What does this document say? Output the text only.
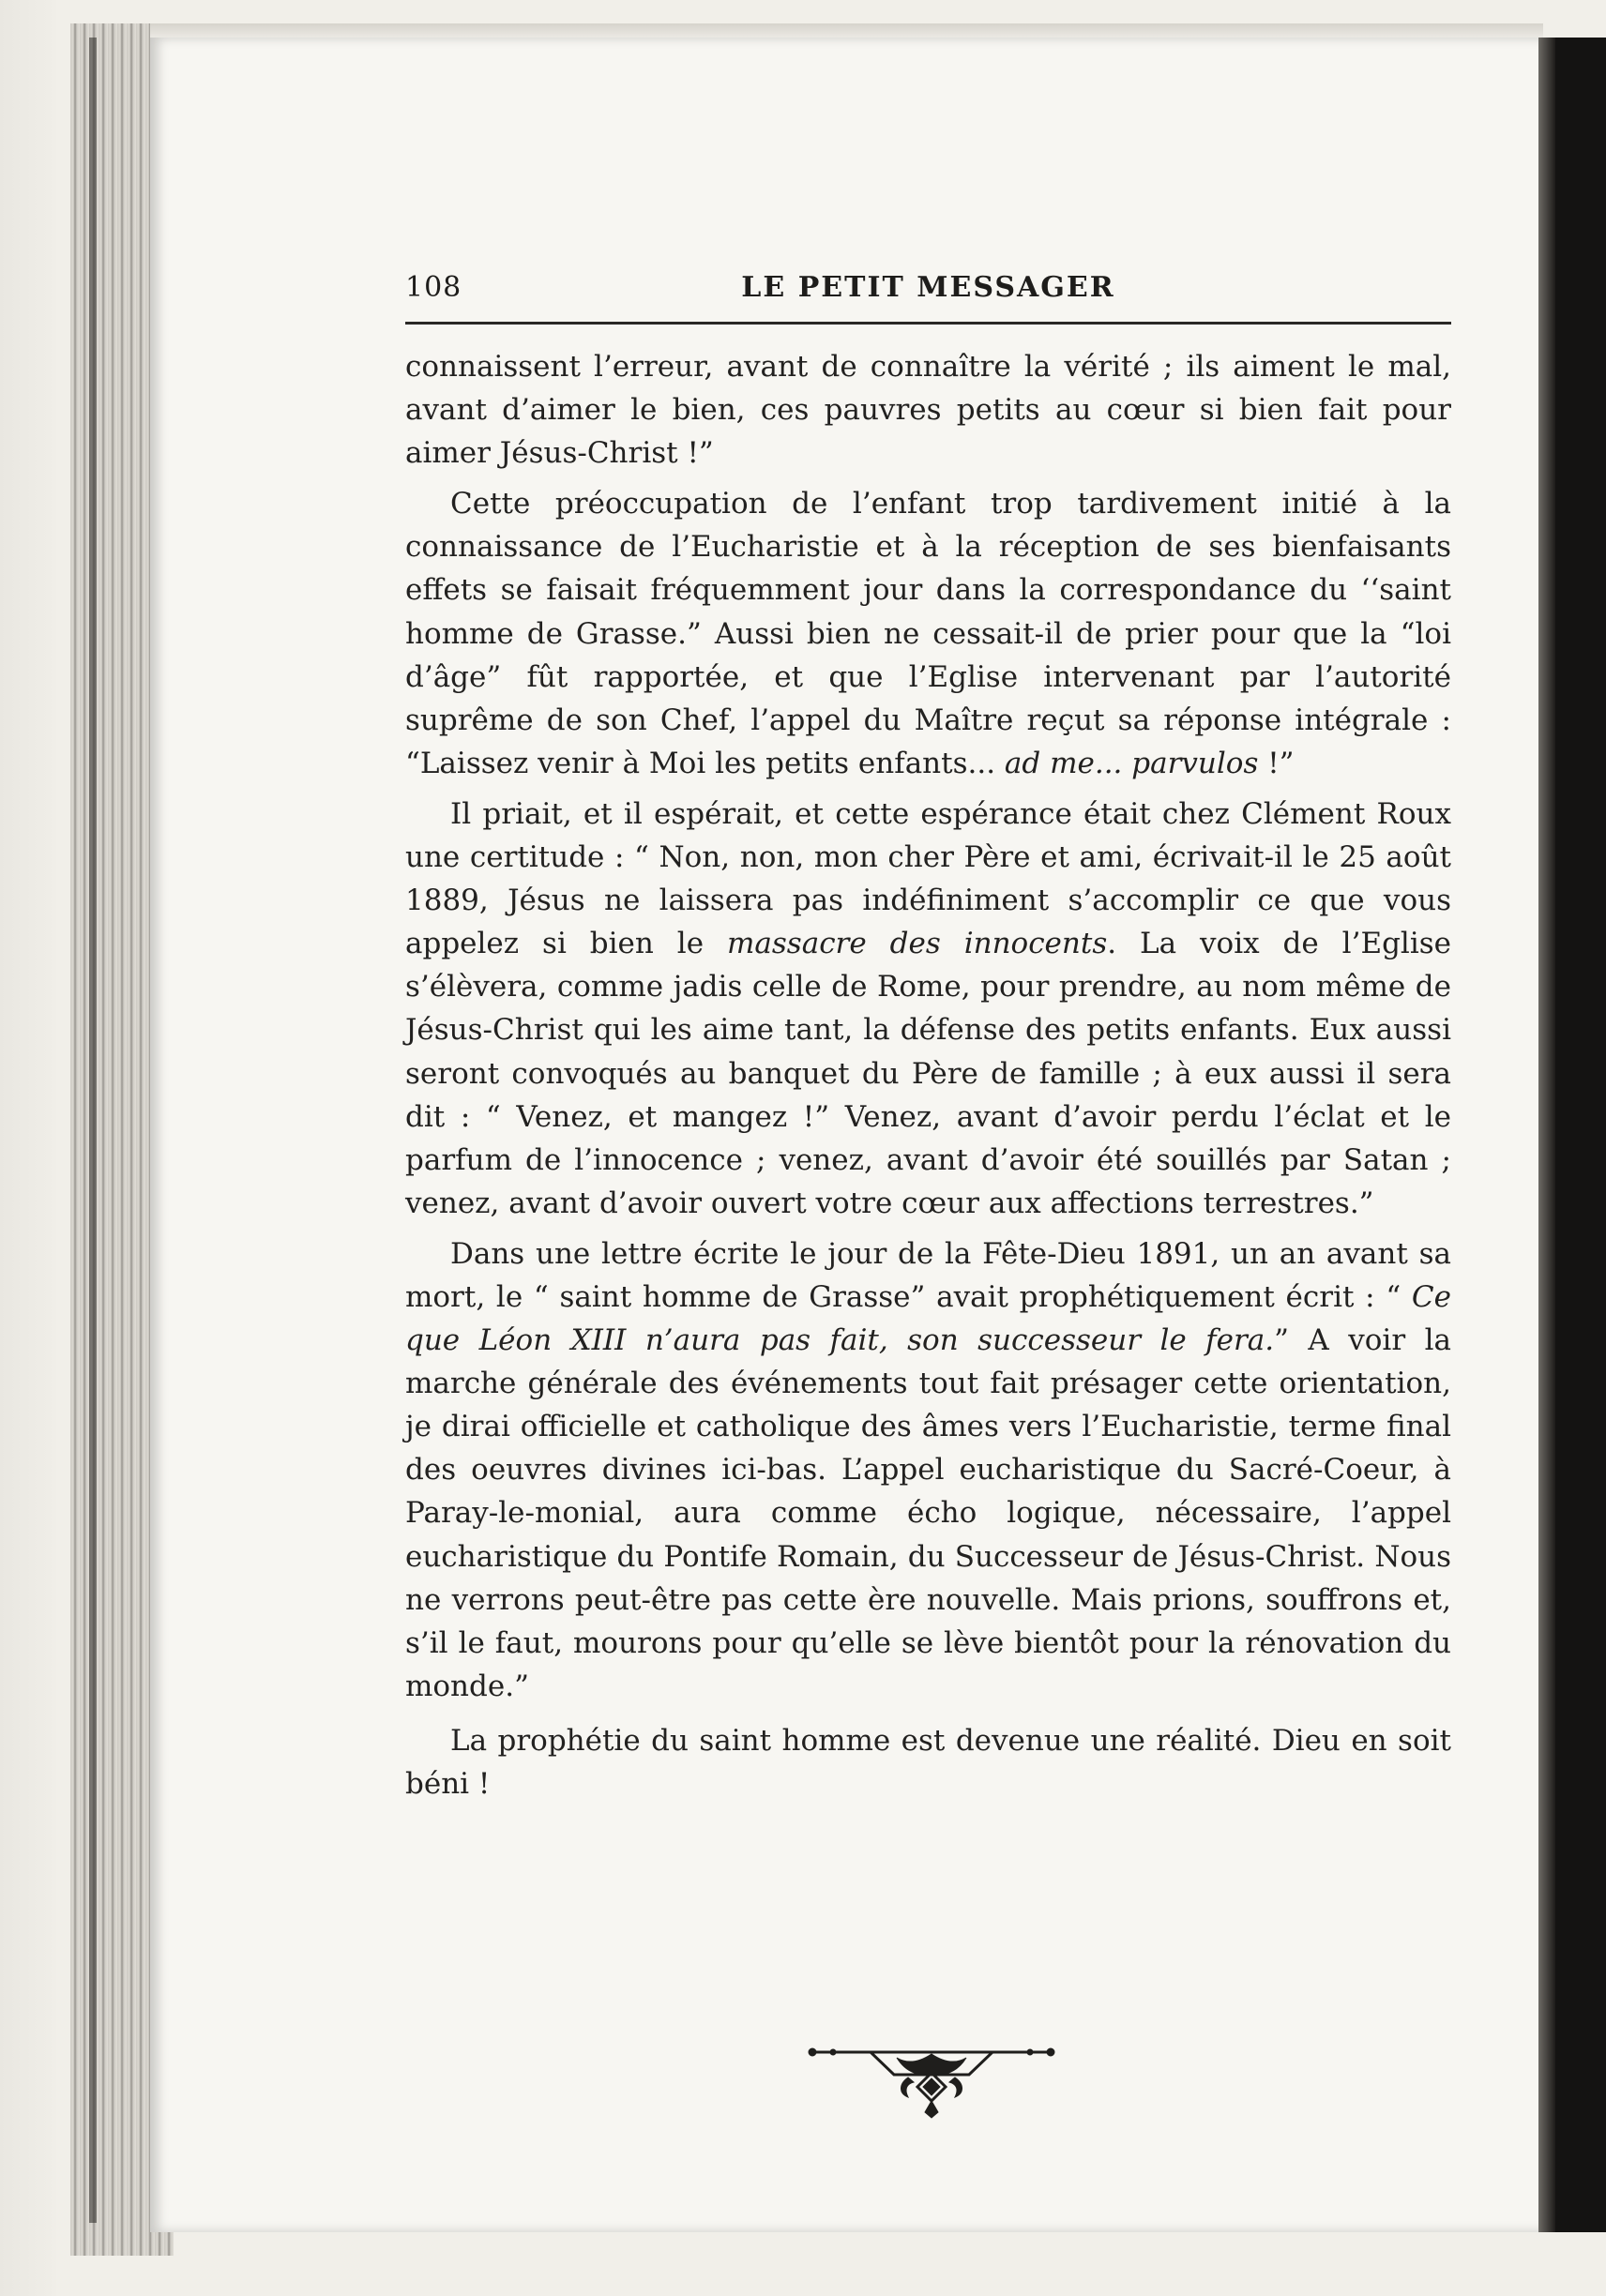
108	LE PETIT MESSAGER

connaissent l’erreur, avant de connaître la vérité ; ils aiment le mal, avant d’aimer le bien, ces pauvres petits au cœur si bien fait pour aimer Jésus-Christ !”

Cette préoccupation de l’enfant trop tardivement initié à la connaissance de l’Eucharistie et à la réception de ses bienfaisants effets se faisait fréquemment jour dans la correspondance du ‘‘saint homme de Grasse.” Aussi bien ne cessait-il de prier pour que la “loi d’âge” fût rapportée, et que l’Eglise intervenant par l’autorité suprême de son Chef, l’appel du Maître reçut sa réponse intégrale : “Laissez venir à Moi les petits enfants... ad me... parvulos !”

Il priait, et il espérait, et cette espérance était chez Clément Roux une certitude : “ Non, non, mon cher Père et ami, écrivait-il le 25 août 1889, Jésus ne laissera pas indéfiniment s’accomplir ce que vous appelez si bien le massacre des innocents. La voix de l’Eglise s’élèvera, comme jadis celle de Rome, pour prendre, au nom même de Jésus-Christ qui les aime tant, la défense des petits enfants. Eux aussi seront convoqués au banquet du Père de famille ; à eux aussi il sera dit : “ Venez, et mangez !” Venez, avant d’avoir perdu l’éclat et le parfum de l’innocence ; venez, avant d’avoir été souillés par Satan ; venez, avant d’avoir ouvert votre cœur aux affections terrestres.”

Dans une lettre écrite le jour de la Fête-Dieu 1891, un an avant sa mort, le “ saint homme de Grasse” avait prophétiquement écrit : “ Ce que Léon XIII n’aura pas fait, son successeur le fera.” A voir la marche générale des événements tout fait présager cette orientation, je dirai officielle et catholique des âmes vers l’Eucharistie, terme final des oeuvres divines ici-bas. L’appel eucharistique du Sacré-Coeur, à Paray-le-monial, aura comme écho logique, nécessaire, l’appel eucharistique du Pontife Romain, du Successeur de Jésus-Christ. Nous ne verrons peut-être pas cette ère nouvelle. Mais prions, souffrons et, s’il le faut, mourons pour qu’elle se lève bientôt pour la rénovation du monde.”

La prophétie du saint homme est devenue une réalité. Dieu en soit béni !
